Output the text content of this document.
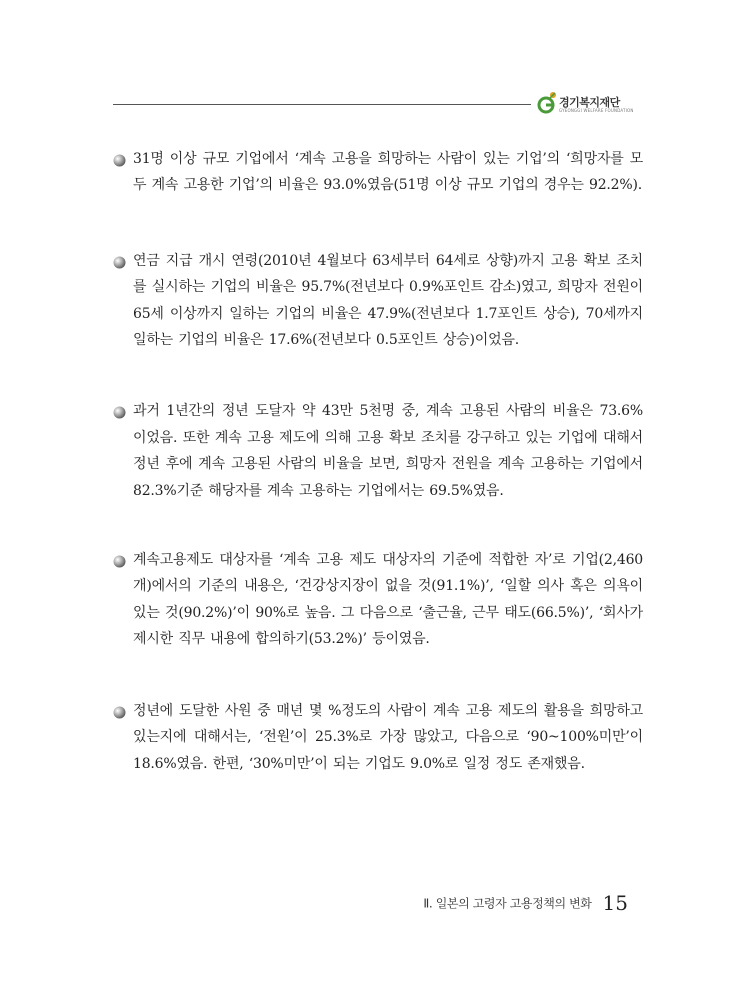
경기복지재단
GYEONGGI WELFARE FOUNDATION
31명 이상 규모 기업에서 ‘계속 고용을 희망하는 사람이 있는 기업’의 ‘희망자를 모두 계속 고용한 기업’의 비율은 93.0%였음(51명 이상 규모 기업의 경우는 92.2%).
연금 지급 개시 연령(2010년 4월보다 63세부터 64세로 상향)까지 고용 확보 조치를 실시하는 기업의 비율은 95.7%(전년보다 0.9%포인트 감소)였고, 희망자 전원이 65세 이상까지 일하는 기업의 비율은 47.9%(전년보다 1.7포인트 상승), 70세까지 일하는 기업의 비율은 17.6%(전년보다 0.5포인트 상승)이었음.
과거 1년간의 정년 도달자 약 43만 5천명 중, 계속 고용된 사람의 비율은 73.6% 이었음. 또한 계속 고용 제도에 의해 고용 확보 조치를 강구하고 있는 기업에 대해서 정년 후에 계속 고용된 사람의 비율을 보면, 희망자 전원을 계속 고용하는 기업에서 82.3%기준 해당자를 계속 고용하는 기업에서는 69.5%였음.
계속고용제도 대상자를 ‘계속 고용 제도 대상자의 기준에 적합한 자’로 기업(2,460개)에서의 기준의 내용은, ‘건강상지장이 없을 것(91.1%)’, ‘일할 의사 혹은 의욕이 있는 것(90.2%)’이 90%로 높음. 그 다음으로 ‘출근율, 근무 태도(66.5%)’, ‘회사가 제시한 직무 내용에 합의하기(53.2%)’ 등이였음.
정년에 도달한 사원 중 매년 몇 %정도의 사람이 계속 고용 제도의 활용을 희망하고 있는지에 대해서는, ‘전원’이 25.3%로 가장 많았고, 다음으로 ‘90~100%미만’이 18.6%였음. 한편, ‘30%미만’이 되는 기업도 9.0%로 일정 정도 존재했음.
Ⅱ. 일본의 고령자 고용정책의 변화 15
